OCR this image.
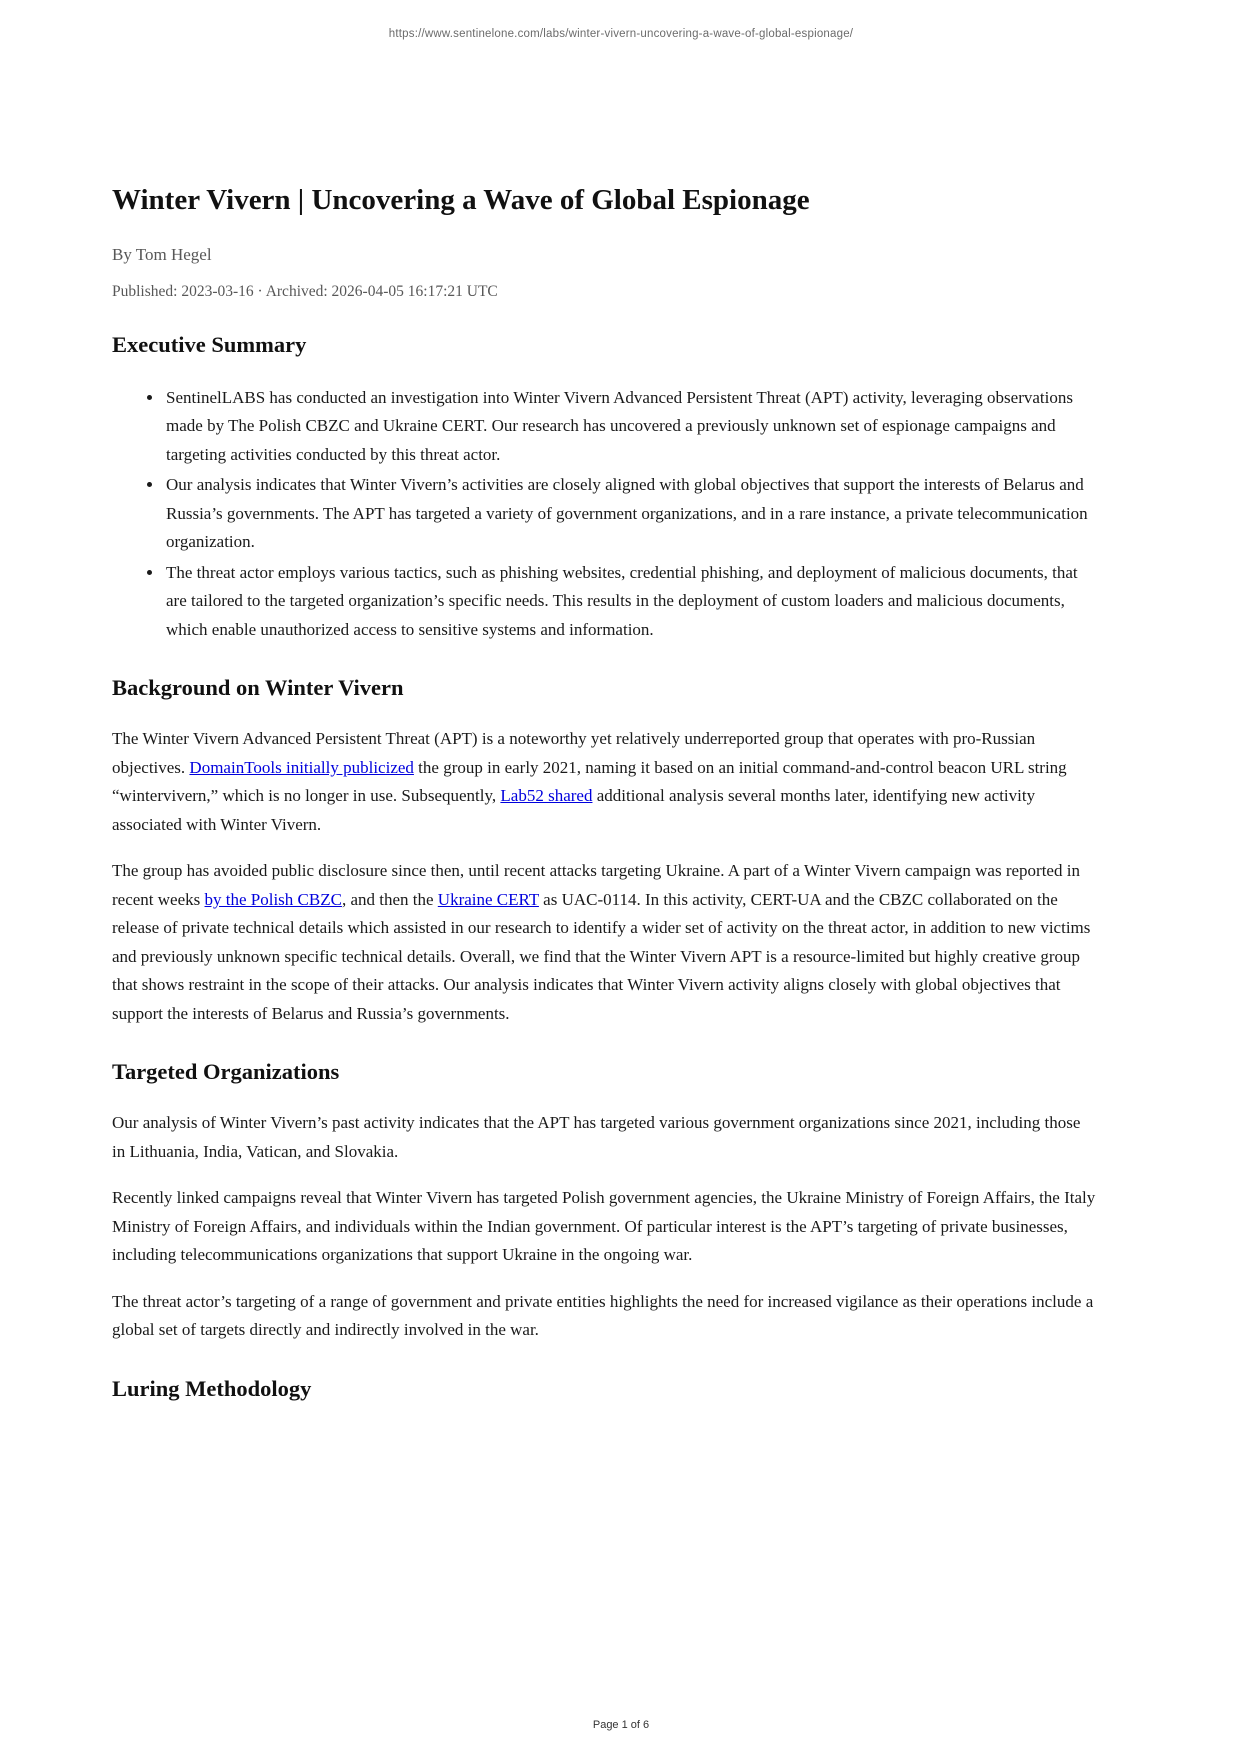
https://www.sentinelone.com/labs/winter-vivern-uncovering-a-wave-of-global-espionage/
Winter Vivern | Uncovering a Wave of Global Espionage
By Tom Hegel
Published: 2023-03-16 · Archived: 2026-04-05 16:17:21 UTC
Executive Summary
• SentinelLABS has conducted an investigation into Winter Vivern Advanced Persistent Threat (APT) activity, leveraging observations made by The Polish CBZC and Ukraine CERT. Our research has uncovered a previously unknown set of espionage campaigns and targeting activities conducted by this threat actor.
• Our analysis indicates that Winter Vivern’s activities are closely aligned with global objectives that support the interests of Belarus and Russia’s governments. The APT has targeted a variety of government organizations, and in a rare instance, a private telecommunication organization.
• The threat actor employs various tactics, such as phishing websites, credential phishing, and deployment of malicious documents, that are tailored to the targeted organization’s specific needs. This results in the deployment of custom loaders and malicious documents, which enable unauthorized access to sensitive systems and information.
Background on Winter Vivern

The Winter Vivern Advanced Persistent Threat (APT) is a noteworthy yet relatively underreported group that operates with pro-Russian objectives. DomainTools initially publicized the group in early 2021, naming it based on an initial command-and-control beacon URL string “wintervivern,” which is no longer in use. Subsequently, Lab52 shared additional analysis several months later, identifying new activity associated with Winter Vivern.

The group has avoided public disclosure since then, until recent attacks targeting Ukraine. A part of a Winter Vivern campaign was reported in recent weeks by the Polish CBZC, and then the Ukraine CERT as UAC-0114. In this activity, CERT-UA and the CBZC collaborated on the release of private technical details which assisted in our research to identify a wider set of activity on the threat actor, in addition to new victims and previously unknown specific technical details. Overall, we find that the Winter Vivern APT is a resource-limited but highly creative group that shows restraint in the scope of their attacks. Our analysis indicates that Winter Vivern activity aligns closely with global objectives that support the interests of Belarus and Russia’s governments.

Targeted Organizations

Our analysis of Winter Vivern’s past activity indicates that the APT has targeted various government organizations since 2021, including those in Lithuania, India, Vatican, and Slovakia.

Recently linked campaigns reveal that Winter Vivern has targeted Polish government agencies, the Ukraine Ministry of Foreign Affairs, the Italy Ministry of Foreign Affairs, and individuals within the Indian government. Of particular interest is the APT’s targeting of private businesses, including telecommunications organizations that support Ukraine in the ongoing war.

The threat actor’s targeting of a range of government and private entities highlights the need for increased vigilance as their operations include a global set of targets directly and indirectly involved in the war.

Luring Methodology
Page 1 of 6
